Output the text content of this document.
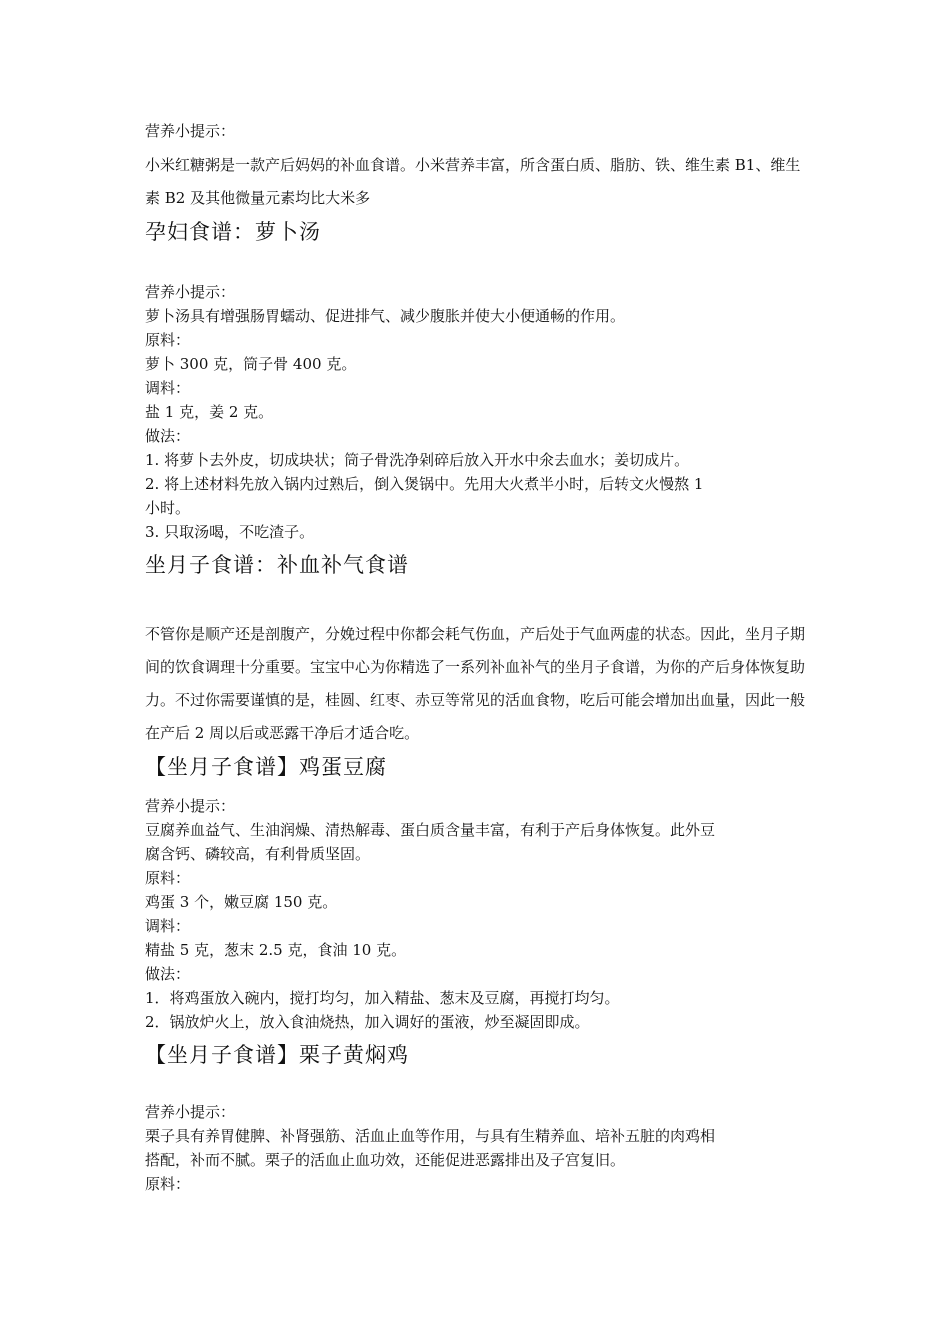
营养小提示：
小米红糖粥是一款产后妈妈的补血食谱。小米营养丰富，所含蛋白质、脂肪、铁、维生素 B1、维生素 B2 及其他微量元素均比大米多
孕妇食谱：萝卜汤
营养小提示：
萝卜汤具有增强肠胃蠕动、促进排气、减少腹胀并使大小便通畅的作用。
原料：
萝卜 300 克，筒子骨 400 克。
调料：
盐 1 克，姜 2 克。
做法：
1. 将萝卜去外皮，切成块状；筒子骨洗净剁碎后放入开水中氽去血水；姜切成片。
2. 将上述材料先放入锅内过熟后，倒入煲锅中。先用大火煮半小时，后转文火慢熬 1
小时。
3. 只取汤喝，不吃渣子。
坐月子食谱：补血补气食谱
不管你是顺产还是剖腹产，分娩过程中你都会耗气伤血，产后处于气血两虚的状态。因此，坐月子期间的饮食调理十分重要。宝宝中心为你精选了一系列补血补气的坐月子食谱，为你的产后身体恢复助力。不过你需要谨慎的是，桂圆、红枣、赤豆等常见的活血食物，吃后可能会增加出血量，因此一般在产后 2 周以后或恶露干净后才适合吃。
【坐月子食谱】鸡蛋豆腐
营养小提示：
豆腐养血益气、生油润燥、清热解毒、蛋白质含量丰富，有利于产后身体恢复。此外豆
腐含钙、磷较高，有利骨质坚固。
原料：
鸡蛋 3 个，嫩豆腐 150 克。
调料：
精盐 5 克，葱末 2.5 克，食油 10 克。
做法：
1．将鸡蛋放入碗内，搅打均匀，加入精盐、葱末及豆腐，再搅打均匀。
2．锅放炉火上，放入食油烧热，加入调好的蛋液，炒至凝固即成。
【坐月子食谱】栗子黄焖鸡
营养小提示：
栗子具有养胃健脾、补肾强筋、活血止血等作用，与具有生精养血、培补五脏的肉鸡相
搭配，补而不腻。栗子的活血止血功效，还能促进恶露排出及子宫复旧。
原料：
